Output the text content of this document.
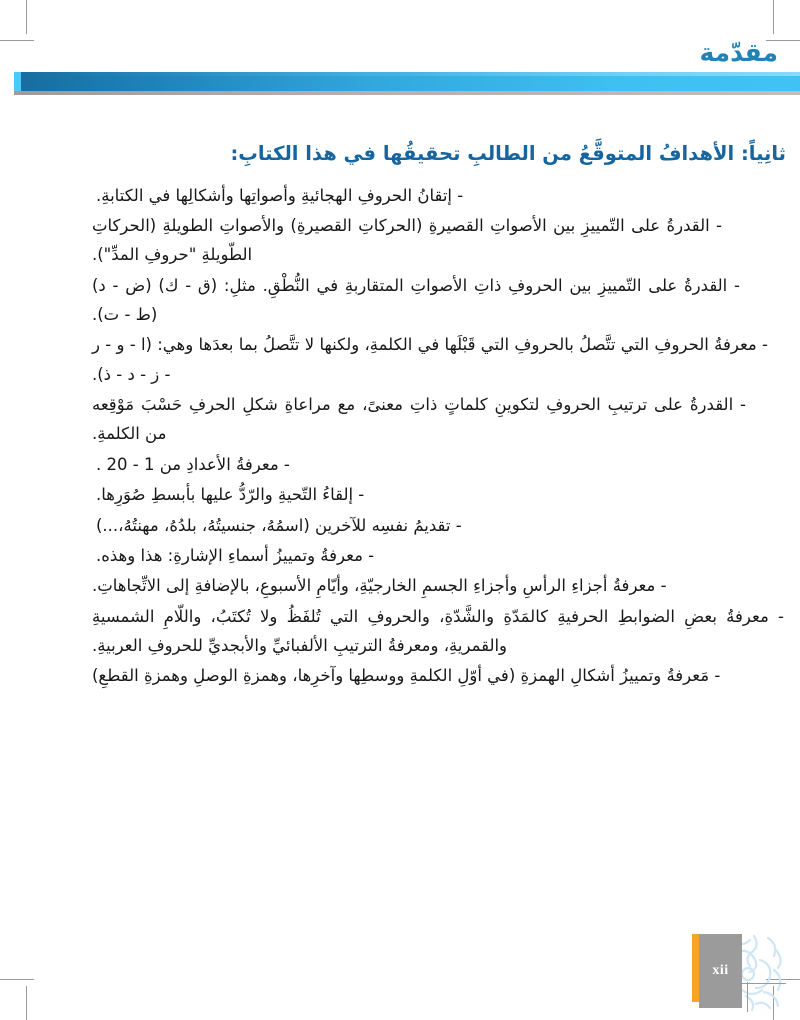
مقدّمة
ثانِياً: الأهدافُ المتوقَّعُ من الطالبِ تحقيقُها في هذا الكتابِ:
- إتقانُ الحروفِ الهجائيةِ وأصواتِها وأشكالِها في الكتابةِ.
- القدرةُ على التّمييزِ بين الأصواتِ القصيرةِ (الحركاتِ القصيرةِ) والأصواتِ الطويلةِ (الحركاتِ الطّويلةِ "حروفِ المدِّ").
- القدرةُ على التّمييزِ بين الحروفِ ذاتِ الأصواتِ المتقاربةِ في النُّطْقِ. مثلِ: (ق - ك) (ض - د) (ط - ت).
- معرفةُ الحروفِ التي تتَّصلُ بالحروفِ التي قَبْلَها في الكلمةِ، ولكنها لا تتَّصلُ بما بعدَها وهي: (ا - و - ر - ز - د - ذ).
- القدرةُ على ترتيبِ الحروفِ لتكوينِ كلماتٍ ذاتِ معنىً، مع مراعاةِ شكلِ الحرفِ حَسْبَ مَوْقِعه من الكلمةِ.
- معرفةُ الأعدادِ من 1 - 20 .
- إلقاءُ التّحيةِ والرّدُّ عليها بأبسطِ صُوَرِها.
- تقديمُ نفسِه للآخرين (اسمُهُ، جنسيتُهُ، بلدُهُ، مهنتُهُ،...)
- معرفةُ وتمييزُ أسماءِ الإشارةِ: هذا وهذه.
- معرفةُ أجزاءِ الرأسِ وأجزاءِ الجسمِ الخارجيّةِ، وأيّامِ الأسبوعِ، بالإضافةِ إلى الاتِّجاهاتِ.
- معرفةُ بعضِ الضوابطِ الحرفيةِ كالمَدّةِ والشَّدّةِ، والحروفِ التي تُلفَظُ ولا تُكتَبُ، واللّامِ الشمسيةِ والقمريةِ، ومعرفةُ الترتيبِ الألفبائيِّ والأبجديِّ للحروفِ العربيةِ.
- مَعرفةُ وتمييزُ أشكالِ الهمزةِ (في أوّلِ الكلمةِ ووسطِها وآخرِها، وهمزةِ الوصلِ وهمزةِ القطعِ)
xii
